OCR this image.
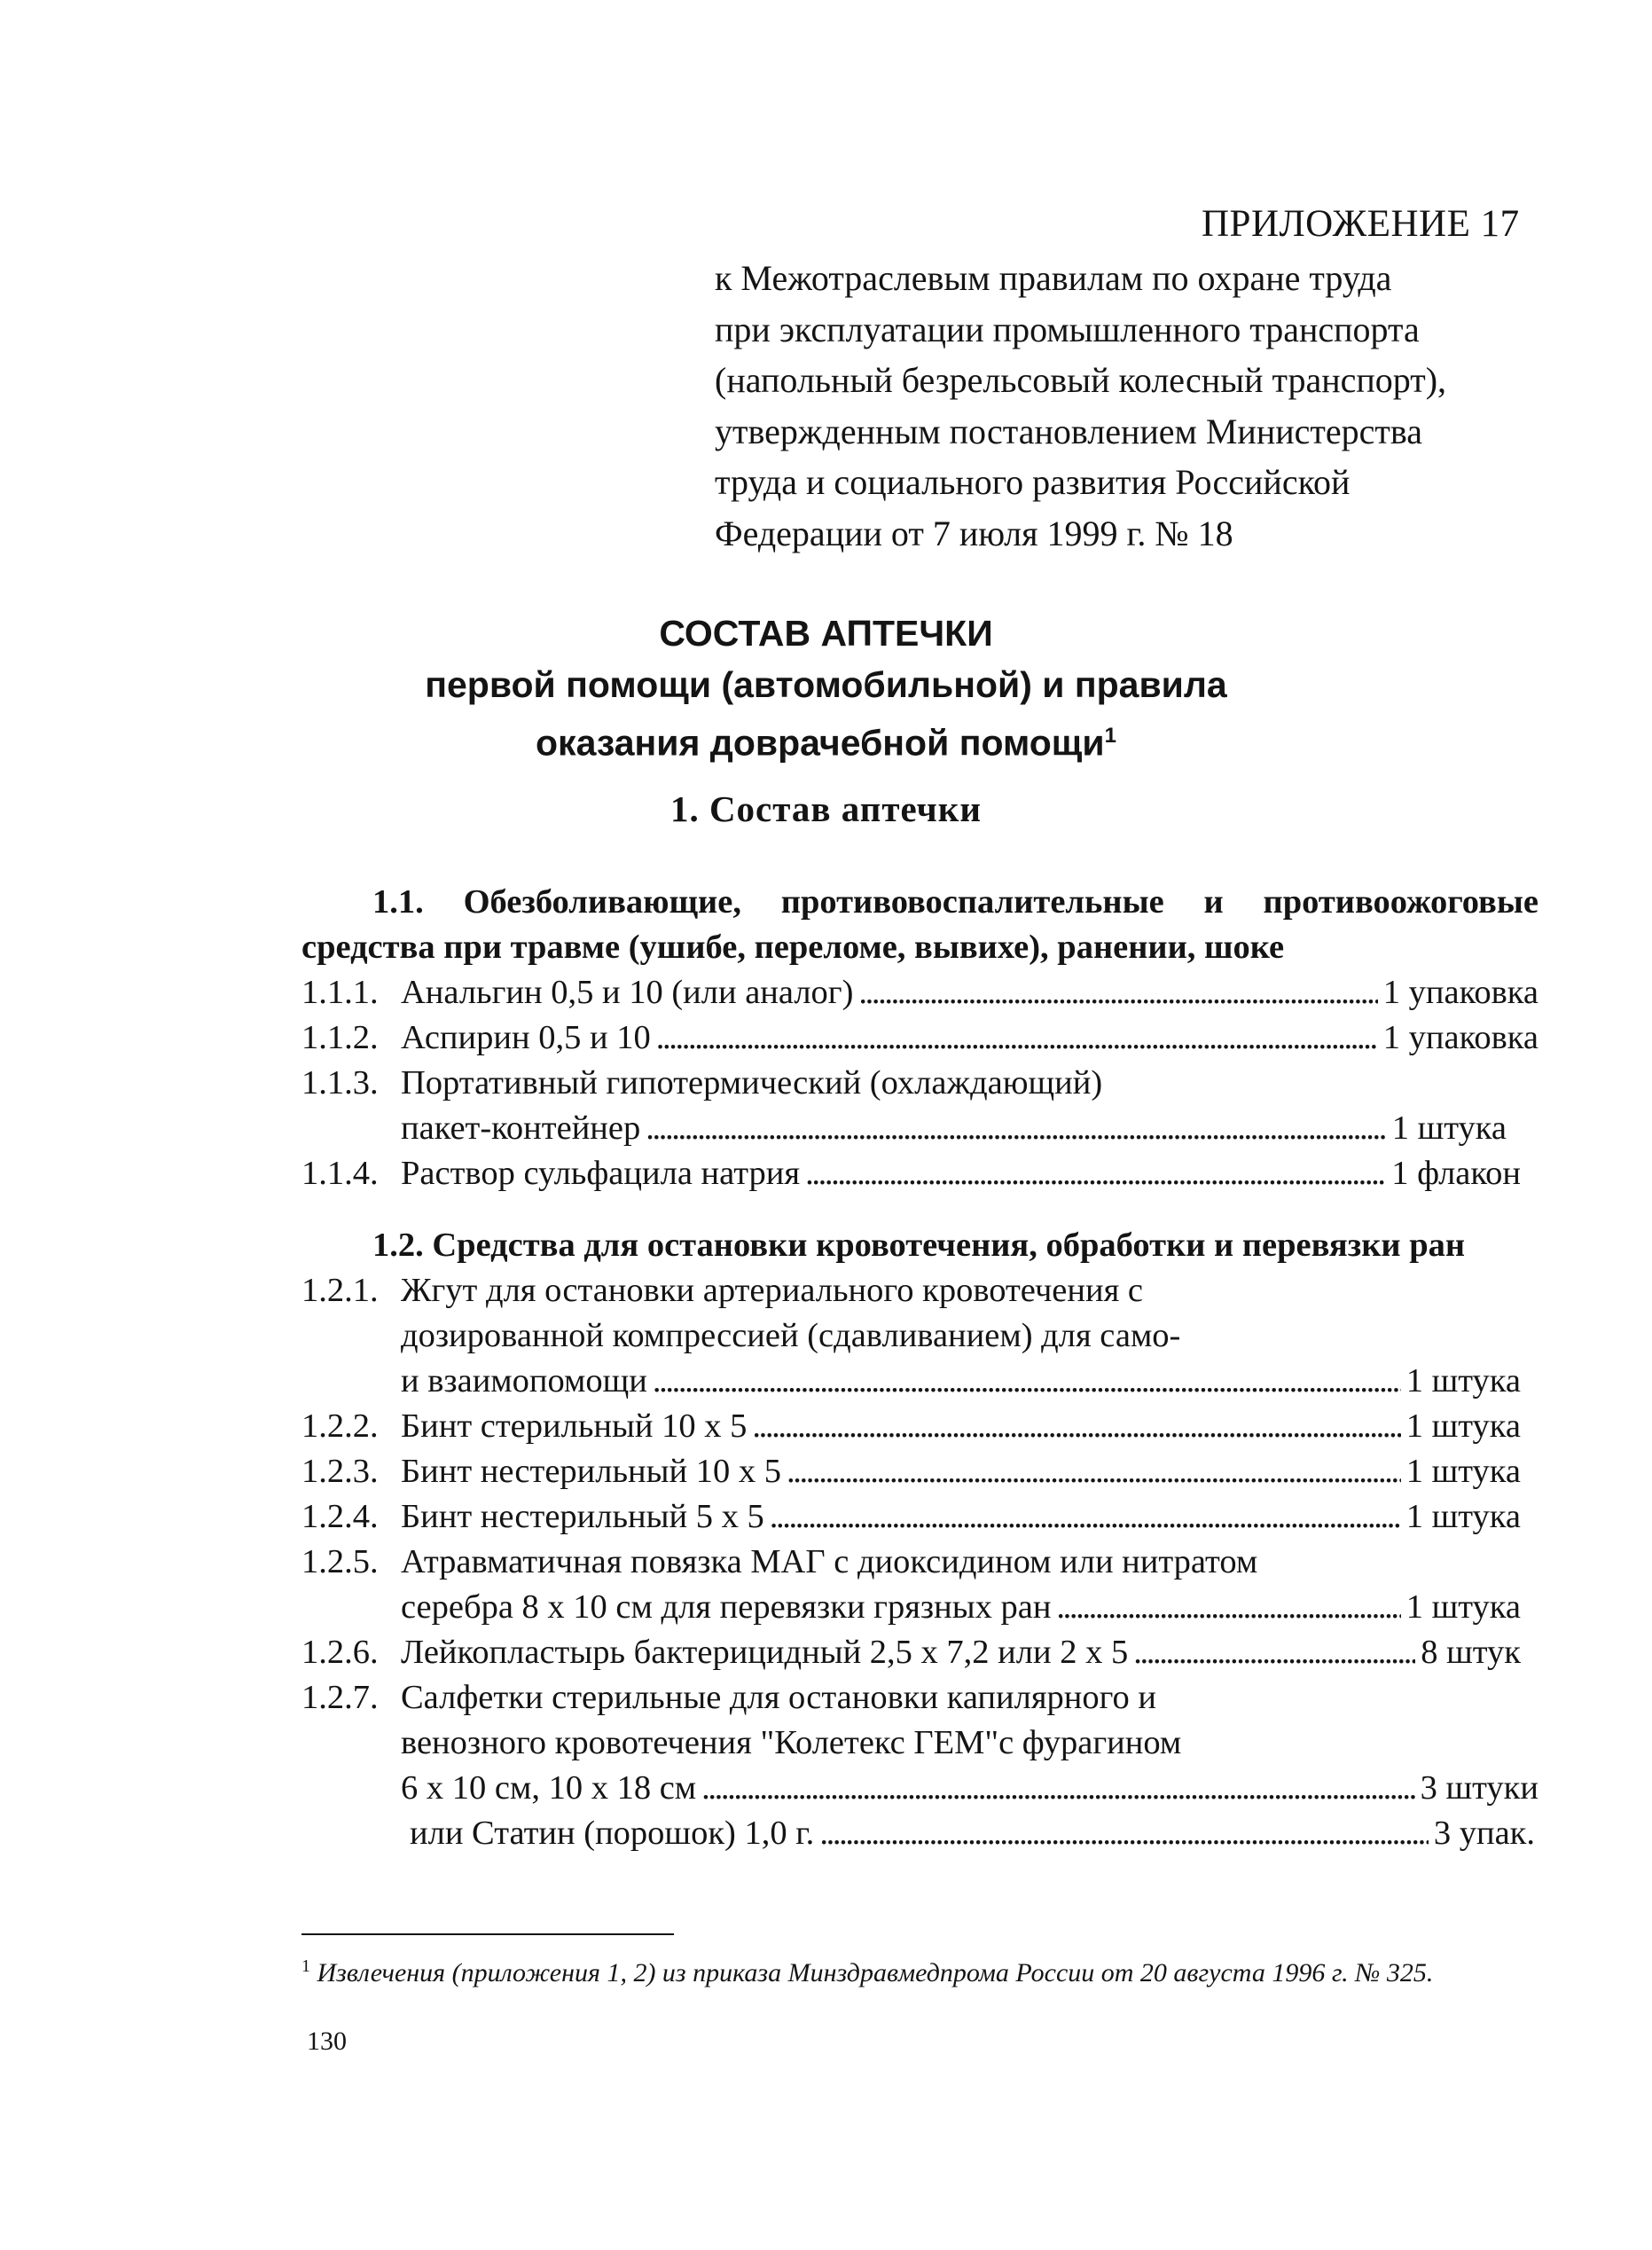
ПРИЛОЖЕНИЕ 17
к Межотраслевым правилам по охране труда
при эксплуатации промышленного транспорта
(напольный безрельсовый колесный транспорт),
утвержденным постановлением Министерства
труда и социального развития Российской
Федерации от 7 июля 1999 г. № 18
СОСТАВ АПТЕЧКИ
первой помощи (автомобильной) и правила
оказания доврачебной помощи$^1$
1. Состав аптечки
1.1. Обезболивающие, противовоспалительные и противоожоговые средства при травме (ушибе, переломе, вывихе), ранении, шоке
1.1.1. Анальгин 0,5 и 10 (или аналог) . . .	1 упаковка
1.1.2. Аспирин 0,5 и 10 . . .	1 упаковка
1.1.3. Портативный гипотермический (охлаждающий)
пакет-контейнер . . .	1 штука
1.1.4. Раствор сульфацила натрия . . .	1 флакон
1.2. Средства для остановки кровотечения, обработки и перевязки ран
1.2.1. Жгут для остановки артериального кровотечения с
дозированной компрессией (сдавливанием) для само-
и взаимопомощи . . .	1 штука
1.2.2. Бинт стерильный 10 х 5 . . .	1 штука
1.2.3. Бинт нестерильный 10 х 5 . . .	1 штука
1.2.4. Бинт нестерильный 5 х 5 . . .	1 штука
1.2.5. Атравматичная повязка МАГ с диоксидином или нитратом
серебра 8 х 10 см для перевязки грязных ран . . .	1 штука
1.2.6. Лейкопластырь бактерицидный 2,5 х 7,2 или 2 х 5 . . .	8 штук
1.2.7. Салфетки стерильные для остановки капилярного и
венозного кровотечения "Колетекс ГЕМ"с фурагином
6 х 10 см, 10 х 18 см . . .	3 штуки
или Статин (порошок) 1,0 г. . . .	3 упак.
$^1$ Извлечения (приложения 1, 2) из приказа Минздравмедпрома России от 20 августа 1996 г. № 325.
130
